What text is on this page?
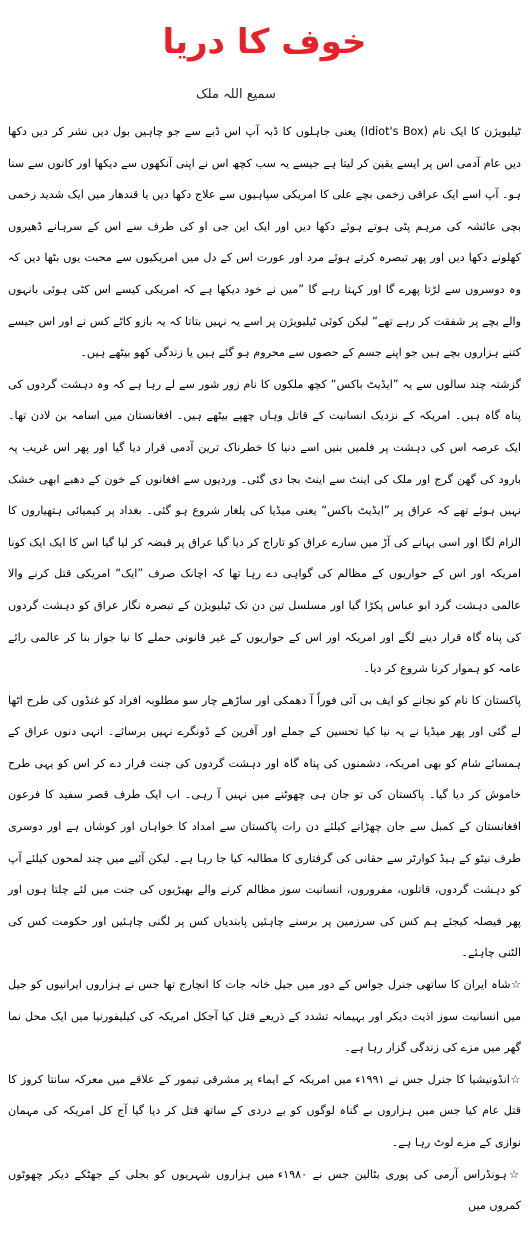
خوف کا دریا
سمیع اللہ ملک

ٹیلیویژن کا ایک نام (Idiot's Box) یعنی جاہلوں کا ڈبہ آپ اس ڈبے سے جو چاہیں بول دیں نشر کر دیں دکھا دیں عام آدمی اس پر ایسے یقین کر لیتا ہے جیسے یہ سب کچھ اس نے اپنی آنکھوں سے دیکھا اور کانوں سے سنا ہو۔ آپ اسے ایک عراقی زخمی بچے علی کا امریکی سپاہیوں سے علاج دکھا دیں یا قندھار میں ایک شدید زخمی بچی عائشہ کی مرہم پٹی ہوتے ہوئے دکھا دیں اور ایک این جی او کی طرف سے اس کے سرہانے ڈھیروں کھلونے دکھا دیں اور پھر تبصرہ کرتے ہوئے مرد اور عورت اس کے دل میں امریکیوں سے محبت یوں بٹھا دیں کہ وہ دوسروں سے لڑتا پھرے گا اور کہتا رہے گا ”میں نے خود دیکھا ہے کہ امریکی کیسے اس کٹی ہوئی بانہوں والے بچے پر شفقت کر رہے تھے“ لیکن کوئی ٹیلیویژن پر اسے یہ نہیں بتاتا کہ یہ بازو کاٹے کس نے اور اس جیسے کتنے ہزاروں بچے ہیں جو اپنے جسم کے حصوں سے محروم ہو گئے ہیں یا زندگی کھو بیٹھے ہیں۔

گزشتہ چند سالوں سے یہ ”ایڈیٹ باکس“ کچھ ملکوں کا نام زور شور سے لے رہا ہے کہ وہ دہشت گردوں کی پناہ گاہ ہیں۔ امریکہ کے نزدیک انسانیت کے قاتل وہاں چھپے بیٹھے ہیں۔ افغانستان میں اسامہ بن لادن تھا۔ ایک عرصہ اس کی دہشت پر فلمیں بنیں اسے دنیا کا خطرناک ترین آدمی قرار دیا گیا اور پھر اس غریب پہ بارود کی گھن گرج اور ملک کی اینٹ سے اینٹ بجا دی گئی۔ وردیوں سے افغانوں کے خون کے دھبے ابھی خشک نہیں ہوئے تھے کہ عراق پر ”ایڈیٹ باکس“ یعنی میڈیا کی یلغار شروع ہو گئی۔ بغداد پر کیمیائی ہتھیاروں کا الزام لگا اور اسی بہانے کی آڑ میں سارے عراق کو تاراج کر دیا گیا عراق پر قبضہ کر لیا گیا اس کا ایک ایک کونا امریکہ اور اس کے حواریوں کے مظالم کی گواہی دے رہا تھا کہ اچانک صرف ”ایک“ امریکی قتل کرنے والا عالمی دہشت گرد ابو عباس پکڑا گیا اور مسلسل تین دن تک ٹیلیویژن کے تبصرہ نگار عراق کو دہشت گردوں کی پناہ گاہ قرار دینے لگے اور امریکہ اور اس کے حواریوں کے غیر قانونی حملے کا نیا جواز بنا کر عالمی رائے عامہ کو ہموار کرنا شروع کر دیا۔

پاکستان کا نام کو نجانے کو ایف بی آئی فوراً آ دھمکی اور ساڑھے چار سو مطلوبہ افراد کو غنڈوں کی طرح اٹھا لے گئی اور پھر میڈیا نے یہ نیا کیا تحسین کے جملے اور آفرین کے ڈونگرے نہیں برسائے۔ انہی دنوں عراق کے ہمسائے شام کو بھی امریکہ، دشمنوں کی پناہ گاہ اور دہشت گردوں کی جنت قرار دے کر اس کو یہی طرح خاموش کر دیا گیا۔ پاکستان کی تو جان ہی چھوٹنے میں نہیں آ رہی۔ اب ایک طرف قصر سفید کا فرعون افغانستان کے کمبل سے جان چھڑانے کیلئے دن رات پاکستان سے امداد کا خواہاں اور کوشاں ہے اور دوسری طرف نیٹو کے ہیڈ کوارٹر سے حقانی کی گرفتاری کا مطالبہ کیا جا رہا ہے۔ لیکن آئیے میں چند لمحوں کیلئے آپ کو دہشت گردوں، قاتلوں، مفروروں، انسانیت سوز مظالم کرنے والے بھیڑیوں کی جنت میں لئے چلتا ہوں اور پھر فیصلہ کیجئے ہم کس کی سرزمین پر برسنے چاہئیں پابندیاں کس پر لگنی چاہئیں اور حکومت کس کی الٹنی چاہئے۔

☆شاہ ایران کا ساتھی جنرل جواس کے دور میں جیل خانہ جات کا انچارج تھا جس نے ہزاروں ایرانیوں کو جیل میں انسانیت سوز اذیت دیکر اور بہیمانہ تشدد کے ذریعے قتل کیا آجکل امریکہ کی کیلیفورنیا میں ایک محل نما گھر میں مزے کی زندگی گزار رہا ہے۔

☆انڈونیشیا کا جنرل جس نے ۱۹۹۱ء میں امریکہ کے ایماء پر مشرقی تیمور کے علاقے میں معرکہ سانتا کروز کا قتل عام کیا جس میں ہزاروں بے گناہ لوگوں کو بے دردی کے ساتھ قتل کر دیا گیا آج کل امریکہ کی مہمان نوازی کے مزے لوٹ رہا ہے۔

☆ہونڈراس آرمی کی پوری بٹالین جس نے ۱۹۸۰ء میں ہزاروں شہریوں کو بجلی کے جھٹکے دیکر چھوٹوں کمروں میں
